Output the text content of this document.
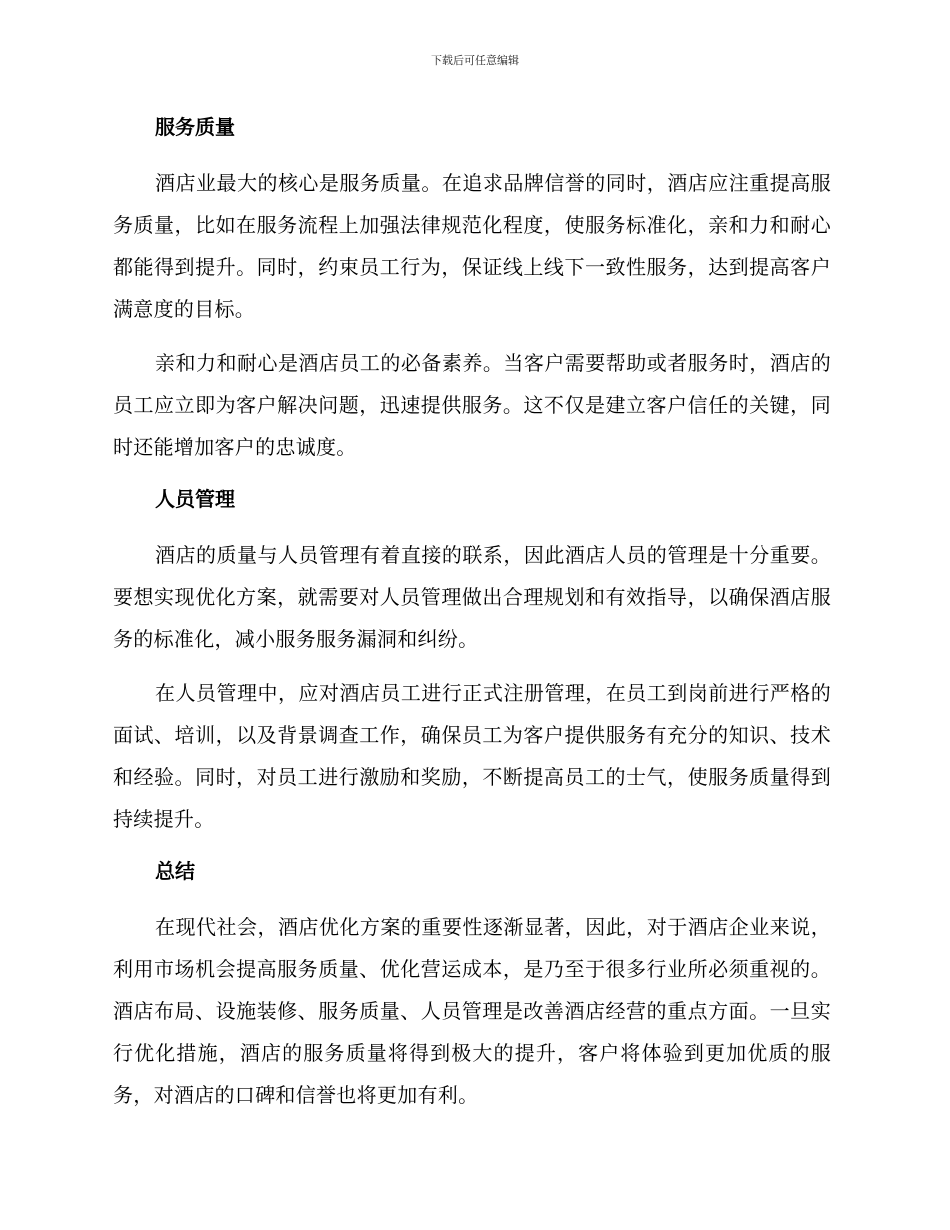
下载后可任意编辑
服务质量

酒店业最大的核心是服务质量。在追求品牌信誉的同时，酒店应注重提高服务质量，比如在服务流程上加强法律规范化程度，使服务标准化，亲和力和耐心都能得到提升。同时，约束员工行为，保证线上线下一致性服务，达到提高客户满意度的目标。

亲和力和耐心是酒店员工的必备素养。当客户需要帮助或者服务时，酒店的员工应立即为客户解决问题，迅速提供服务。这不仅是建立客户信任的关键，同时还能增加客户的忠诚度。

人员管理

酒店的质量与人员管理有着直接的联系，因此酒店人员的管理是十分重要。要想实现优化方案，就需要对人员管理做出合理规划和有效指导，以确保酒店服务的标准化，减小服务服务漏洞和纠纷。

在人员管理中，应对酒店员工进行正式注册管理，在员工到岗前进行严格的面试、培训，以及背景调查工作，确保员工为客户提供服务有充分的知识、技术和经验。同时，对员工进行激励和奖励，不断提高员工的士气，使服务质量得到持续提升。

总结

在现代社会，酒店优化方案的重要性逐渐显著，因此，对于酒店企业来说，利用市场机会提高服务质量、优化营运成本，是乃至于很多行业所必须重视的。酒店布局、设施装修、服务质量、人员管理是改善酒店经营的重点方面。一旦实行优化措施，酒店的服务质量将得到极大的提升，客户将体验到更加优质的服务，对酒店的口碑和信誉也将更加有利。
